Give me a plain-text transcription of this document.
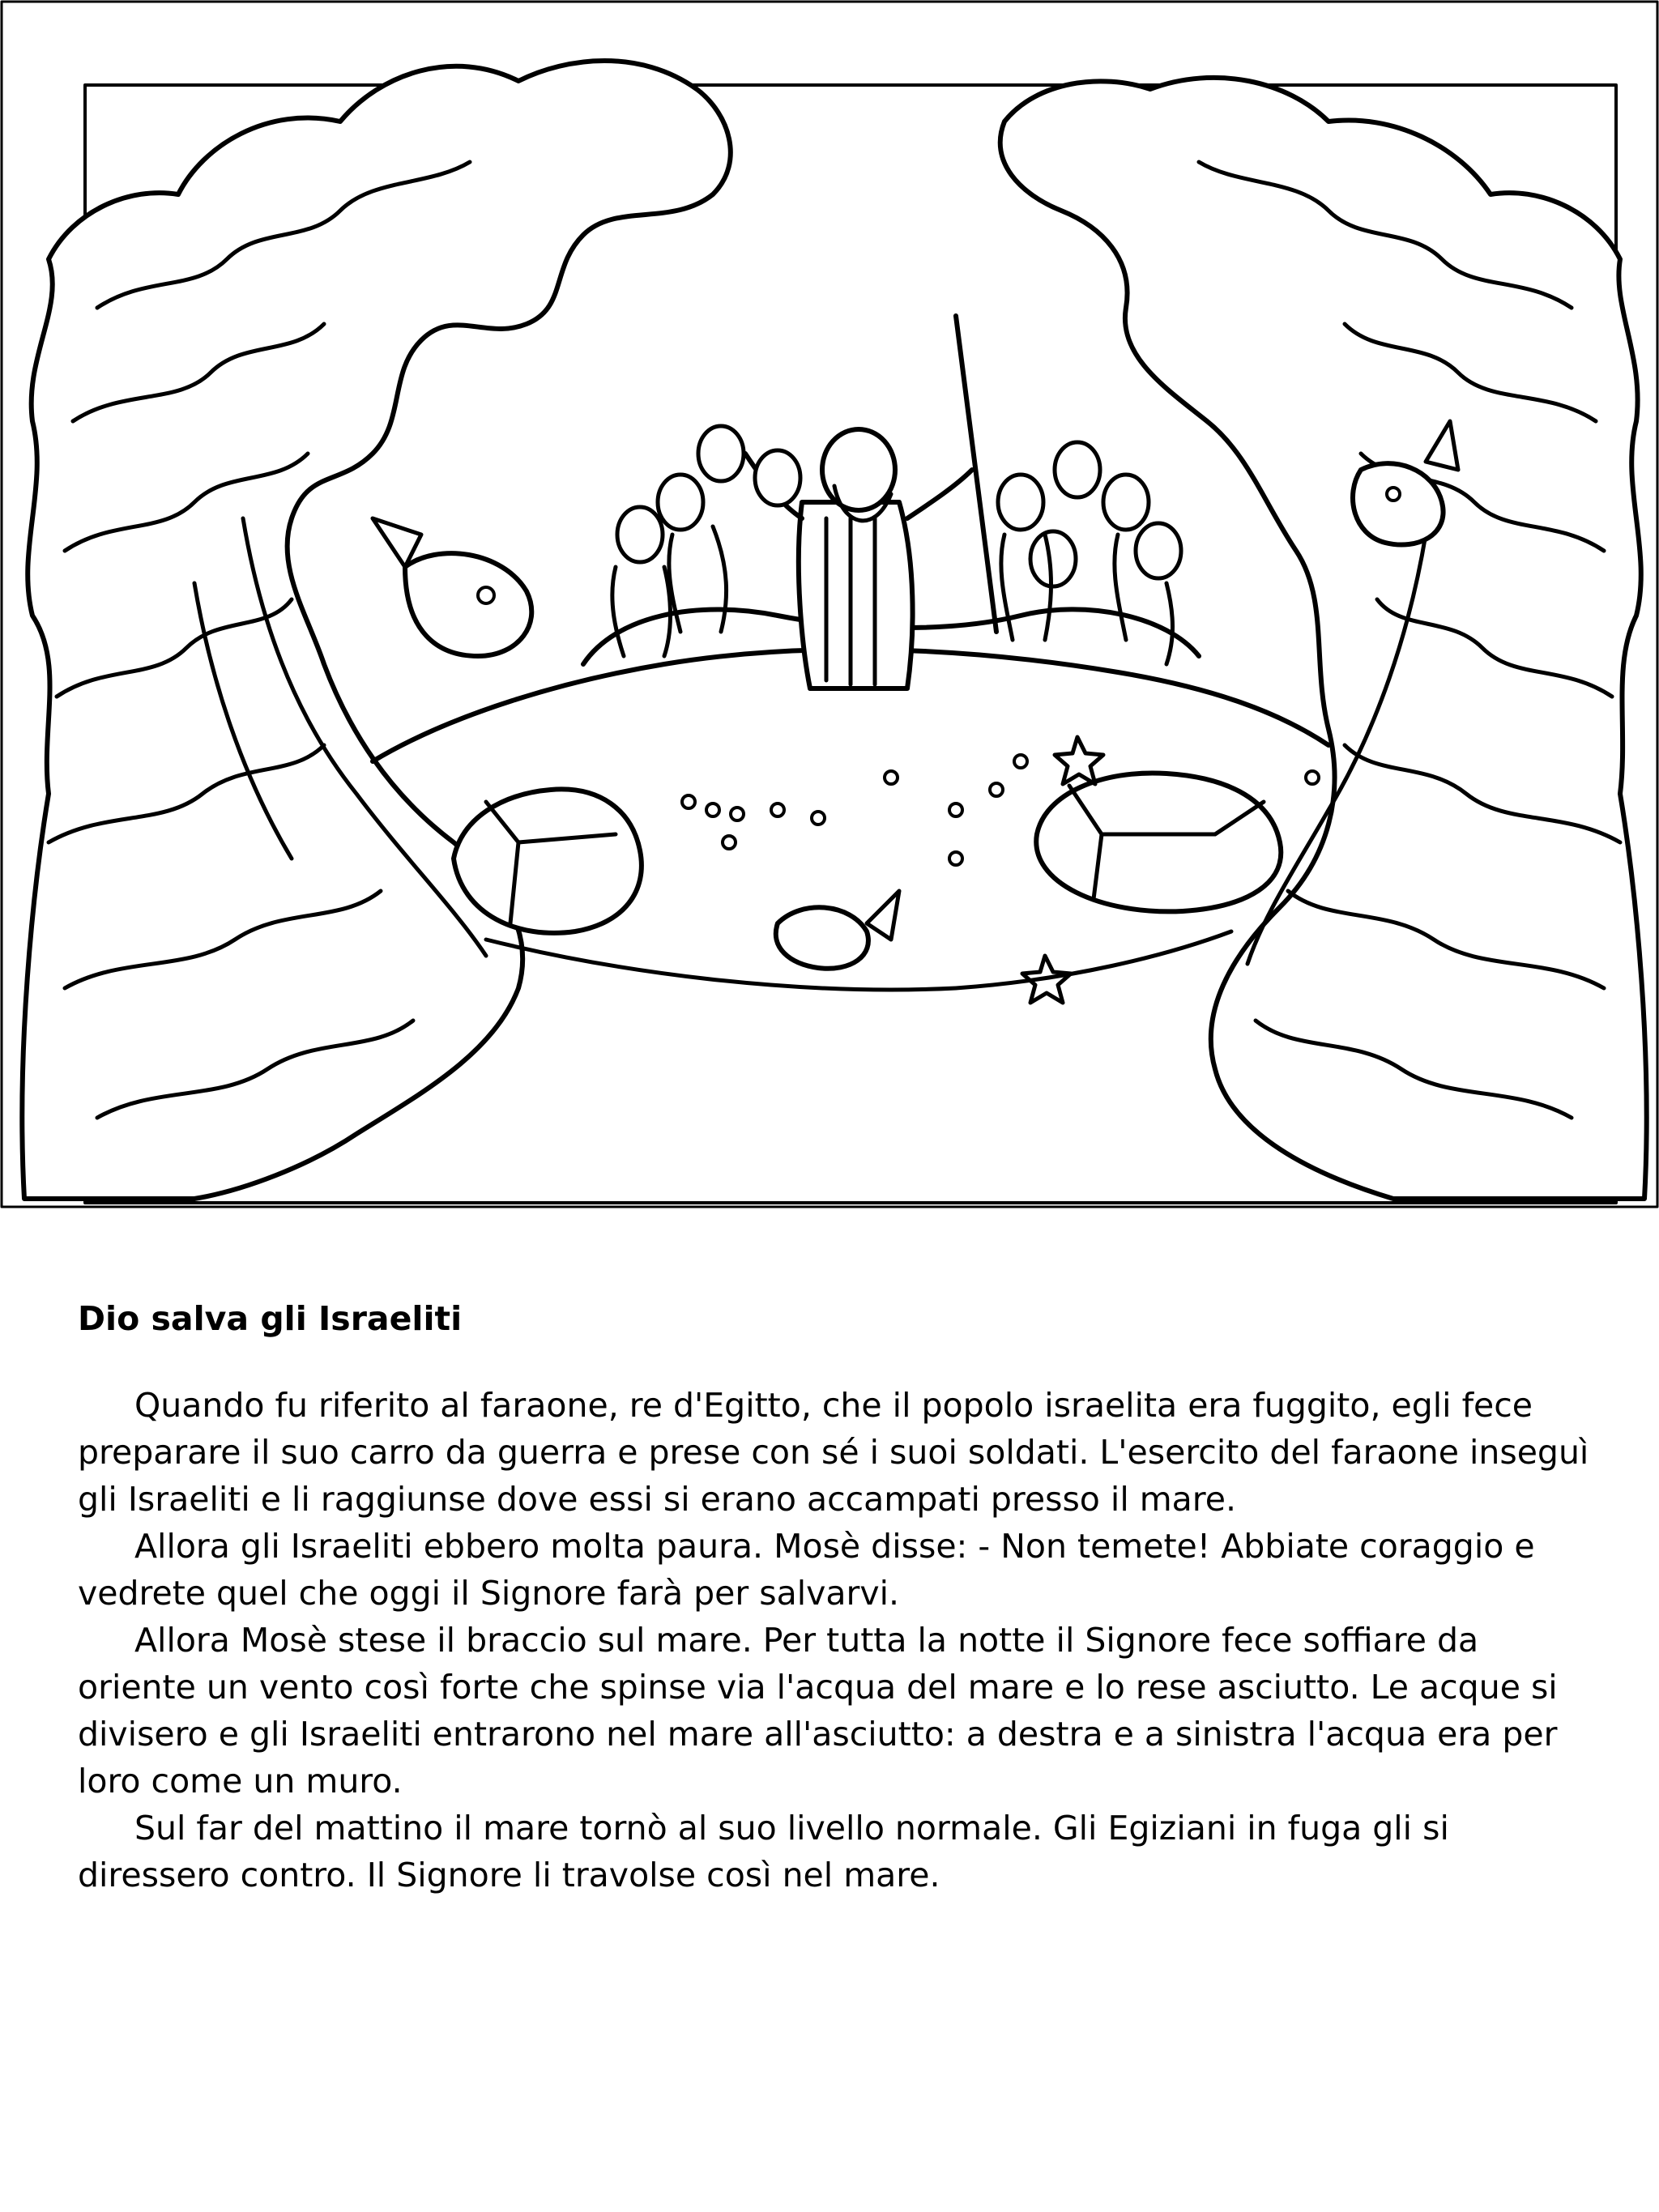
Dio salva gli Israeliti

Quando fu riferito al faraone, re d'Egitto, che il popolo israelita era fuggito, egli fece preparare il suo carro da guerra e prese con sé i suoi soldati. L'esercito del faraone inseguì gli Israeliti e li raggiunse dove essi si erano accampati presso il mare.

Allora gli Israeliti ebbero molta paura. Mosè disse: - Non temete! Abbiate coraggio e vedrete quel che oggi il Signore farà per salvarvi.

Allora Mosè stese il braccio sul mare. Per tutta la notte il Signore fece soffiare da oriente un vento così forte che spinse via l'acqua del mare e lo rese asciutto. Le acque si divisero e gli Israeliti entrarono nel mare all'asciutto: a destra e a sinistra l'acqua era per loro come un muro.

Sul far del mattino il mare tornò al suo livello normale. Gli Egiziani in fuga gli si diressero contro. Il Signore li travolse così nel mare.
